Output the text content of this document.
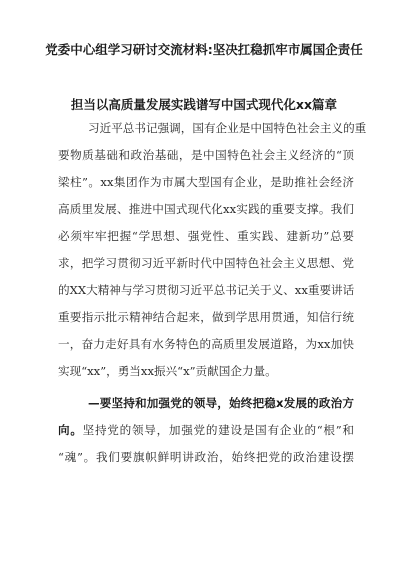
党委中心组学习研讨交流材料:坚决扛稳抓牢市属国企责任
担当以高质量发展实践谱写中国式现代化xx篇章
习近平总书记强调，国有企业是中国特色社会主义的重
要物质基础和政治基础，是中国特色社会主义经济的“顶
梁柱”。xx集团作为市属大型国有企业，是助推社会经济
高质里发展、推进中国式现代化xx实践的重要支撑。我们
必须牢牢把握“学思想、强党性、重实践、建新功”总要
求，把学习贯彻习近平新时代中国特色社会主义思想、党
的XX大精神与学习贯彻习近平总书记关于义、xx重要讲话
重要指示批示精神结合起来，做到学思用贯通，知信行统
一，奋力走好具有水务特色的高质里发展道路，为xx加快
实现“xx”，勇当xx振兴“x”贡献国企力量。
—要坚持和加强党的领导，始终把稳x发展的政治方
向。坚持党的领导，加强党的建设是国有企业的“根”和
“魂”。我们要旗帜鲜明讲政治，始终把党的政治建设摆
